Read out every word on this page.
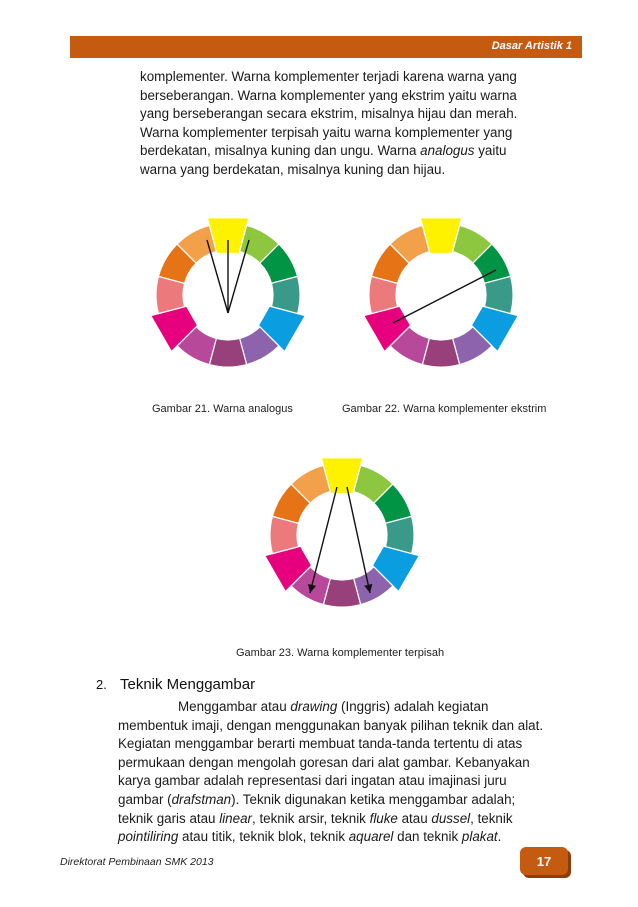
Dasar Artistik 1

komplementer. Warna komplementer terjadi karena warna yang

berseberangan. Warna komplementer yang ekstrim yaitu warna

yang berseberangan secara ekstrim, misalnya hijau dan merah.

Warna komplementer terpisah yaitu warna komplementer yang

berdekatan, misalnya kuning dan ungu. Warna analogus yaitu

warna yang berdekatan, misalnya kuning dan hijau.

Gambar 21. Warna analogus	Gambar 22. Warna komplementer ekstrim
Gambar 23. Warna komplementer terpisah
2. Teknik Menggambar

Menggambar atau drawing (Inggris) adalah kegiatan

membentuk imaji, dengan menggunakan banyak pilihan teknik dan alat.

Kegiatan menggambar berarti membuat tanda-tanda tertentu di atas

permukaan dengan mengolah goresan dari alat gambar. Kebanyakan

karya gambar adalah representasi dari ingatan atau imajinasi juru

gambar (drafstman). Teknik digunakan ketika menggambar adalah;

teknik garis atau linear, teknik arsir, teknik fluke atau dussel, teknik

pointiliring atau titik, teknik blok, teknik aquarel dan teknik plakat.

Direktorat Pembinaan SMK 2013	17
